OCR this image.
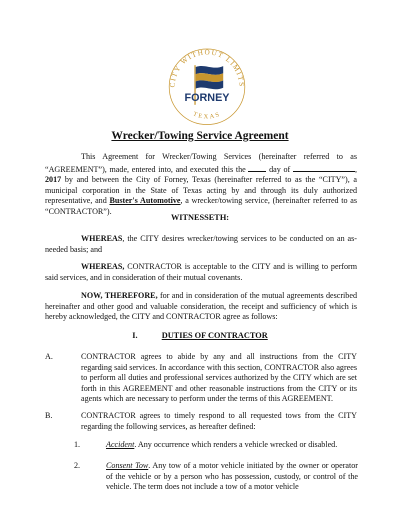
CITY WITHOUT LIMITS
TEXAS
FORNEY
Wrecker/Towing Service Agreement
This Agreement for Wrecker/Towing Services (hereinafter referred to as “AGREEMENT”), made, entered into, and executed this the	day of	, 2017 by and between the City of Forney, Texas (hereinafter referred to as the “CITY”), a municipal corporation in the State of Texas acting by and through its duly authorized representative, and Buster's Automotive, a wrecker/towing service, (hereinafter referred to as “CONTRACTOR”).
WITNESSETH:
WHEREAS, the CITY desires wrecker/towing services to be conducted on an as-needed basis; and
WHEREAS, CONTRACTOR is acceptable to the CITY and is willing to perform said services, and in consideration of their mutual covenants.
NOW, THEREFORE, for and in consideration of the mutual agreements described hereinafter and other good and valuable consideration, the receipt and sufficiency of which is hereby acknowledged, the CITY and CONTRACTOR agree as follows:
I.	DUTIES OF CONTRACTOR
A.	CONTRACTOR agrees to abide by any and all instructions from the CITY regarding said services. In accordance with this section, CONTRACTOR also agrees to perform all duties and professional services authorized by the CITY which are set forth in this AGREEMENT and other reasonable instructions from the CITY or its agents which are necessary to perform under the terms of this AGREEMENT.
B.	CONTRACTOR agrees to timely respond to all requested tows from the CITY regarding the following services, as hereafter defined:
1.	Accident. Any occurrence which renders a vehicle wrecked or disabled.
2.	Consent Tow. Any tow of a motor vehicle initiated by the owner or operator of the vehicle or by a person who has possession, custody, or control of the vehicle. The term does not include a tow of a motor vehicle
